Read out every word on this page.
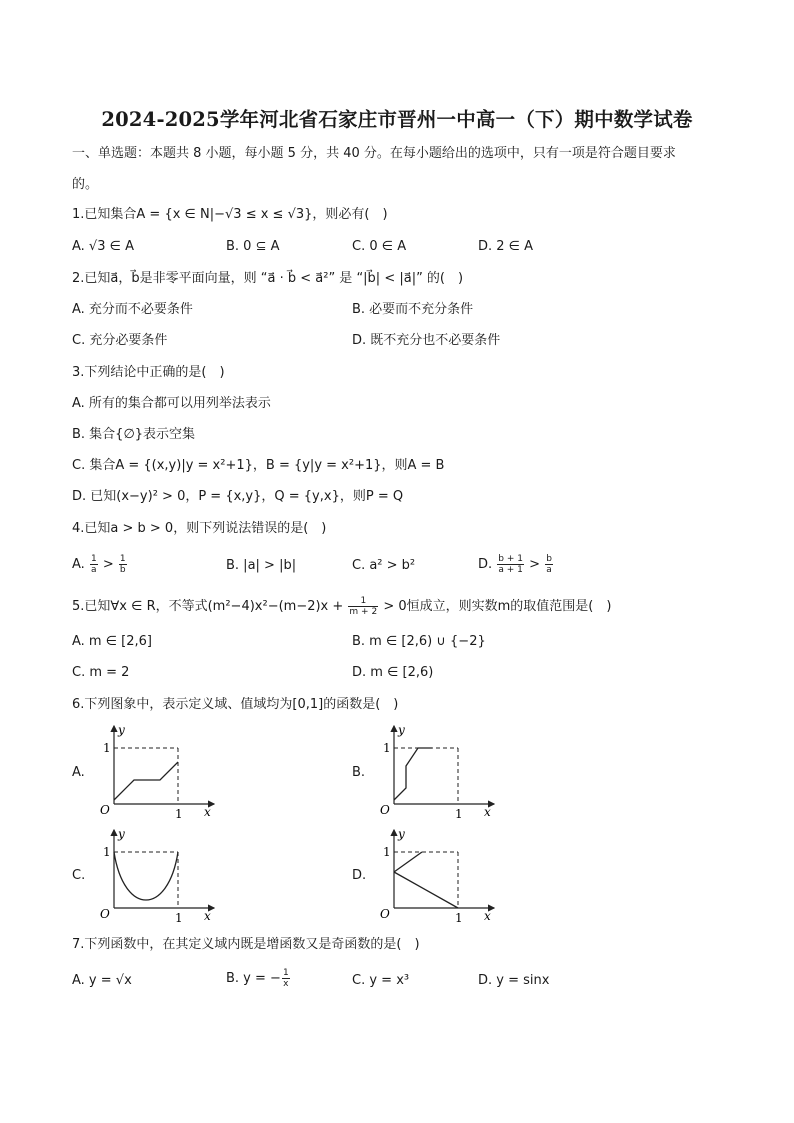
2024-2025学年河北省石家庄市晋州一中高一（下）期中数学试卷
一、单选题：本题共 8 小题，每小题 5 分，共 40 分。在每小题给出的选项中，只有一项是符合题目要求
的。
1.已知集合A = {x ∈ N|−√3 ≤ x ≤ √3}，则必有(　)
A. √3 ∈ A	B. 0 ⊆ A	C. 0 ∈ A	D. 2 ∈ A
2.已知a⃗，b⃗是非零平面向量，则 “a⃗ · b⃗ < a⃗²” 是 “|b⃗| < |a⃗|” 的(　)
A. 充分而不必要条件	B. 必要而不充分条件
C. 充分必要条件	D. 既不充分也不必要条件
3.下列结论中正确的是(　)
A. 所有的集合都可以用列举法表示
B. 集合{∅}表示空集
C. 集合A = {(x,y)|y = x²+1}，B = {y|y = x²+1}，则A = B
D. 已知(x−y)² > 0，P = {x,y}，Q = {y,x}，则P = Q
4.已知a > b > 0，则下列说法错误的是(　)
A. $\frac{1}{a} > \frac{1}{b}$	B. |a| > |b|	C. a² > b²	D. $\frac{b + 1}{a + 1} > \frac{b}{a}$
5.已知∀x ∈ R，不等式$(m^2-4)x^2-(m-2)x + \frac{1}{m + 2} > 0$恒成立，则实数m的取值范围是(　)
A. m ∈ [2,6]	B. m ∈ [2,6) ∪ {−2}
C. m = 2	D. m ∈ [2,6)
6.下列图象中，表示定义域、值域均为[0,1]的函数是(　)
A.	B.
C.	D.
1
1
O
y
x
1
1
O
y
x
1
1
O
y
x
1
1
O
y
x
7.下列函数中，在其定义域内既是增函数又是奇函数的是(　)
A. y = √x	B. y = − $\frac{1}{x}$	C. y = x³	D. y = sinx
